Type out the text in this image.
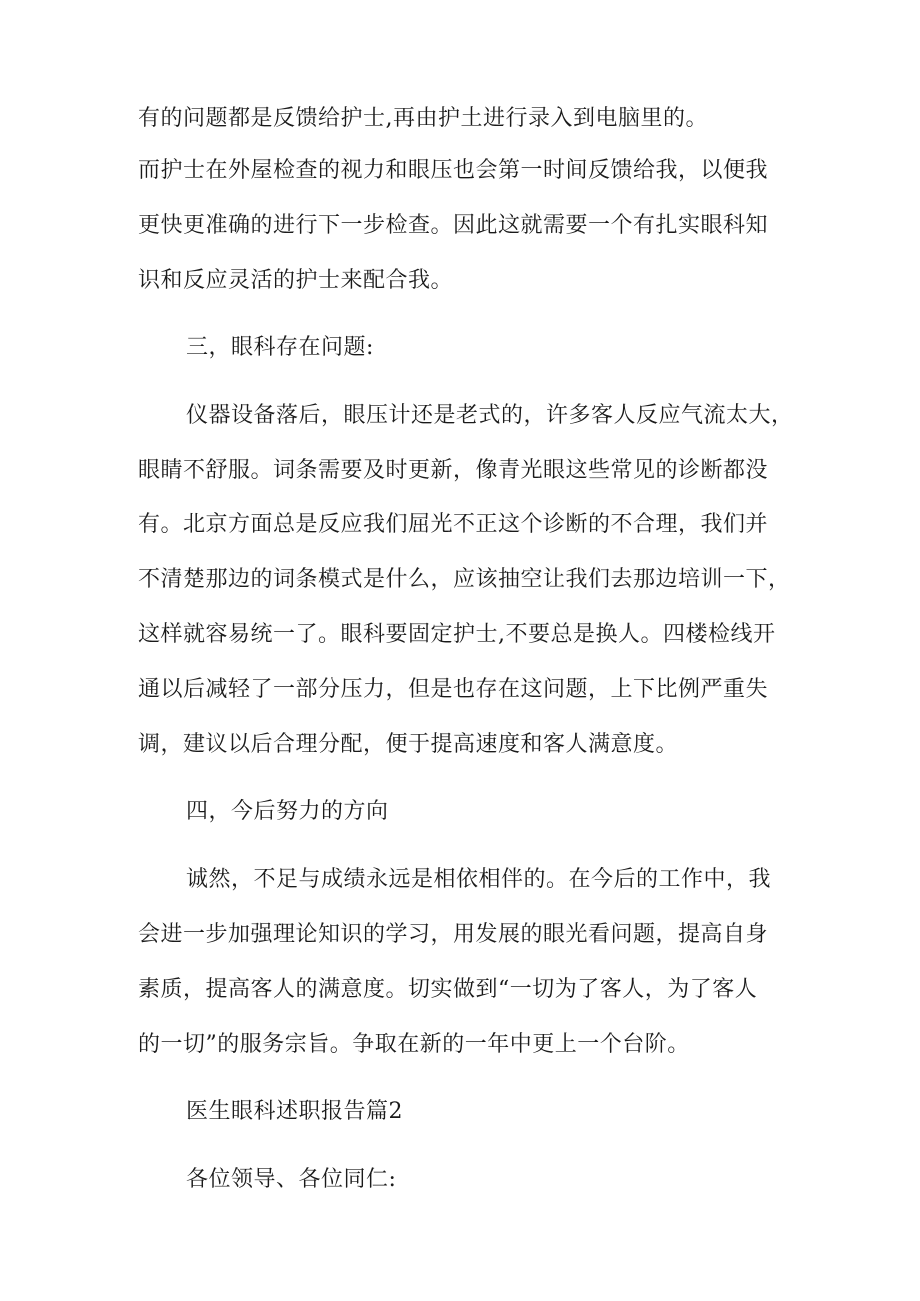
有的问题都是反馈给护士,再由护土进行录入到电脑里的。
而护士在外屋检查的视力和眼压也会第一时间反馈给我，以便我
更快更准确的进行下一步检查。因此这就需要一个有扎实眼科知
识和反应灵活的护士来配合我。
三，眼科存在问题:
仪器设备落后，眼压计还是老式的，许多客人反应气流太大，
眼睛不舒服。词条需要及时更新，像青光眼这些常见的诊断都没
有。北京方面总是反应我们屈光不正这个诊断的不合理，我们并
不清楚那边的词条模式是什么，应该抽空让我们去那边培训一下，
这样就容易统一了。眼科要固定护士,不要总是换人。四楼检线开
通以后减轻了一部分压力，但是也存在这问题，上下比例严重失
调，建议以后合理分配，便于提高速度和客人满意度。
四，今后努力的方向
诚然，不足与成绩永远是相依相伴的。在今后的工作中，我
会进一步加强理论知识的学习，用发展的眼光看问题，提高自身
素质，提高客人的满意度。切实做到“一切为了客人，为了客人
的一切”的服务宗旨。争取在新的一年中更上一个台阶。
医生眼科述职报告篇2
各位领导、各位同仁:
